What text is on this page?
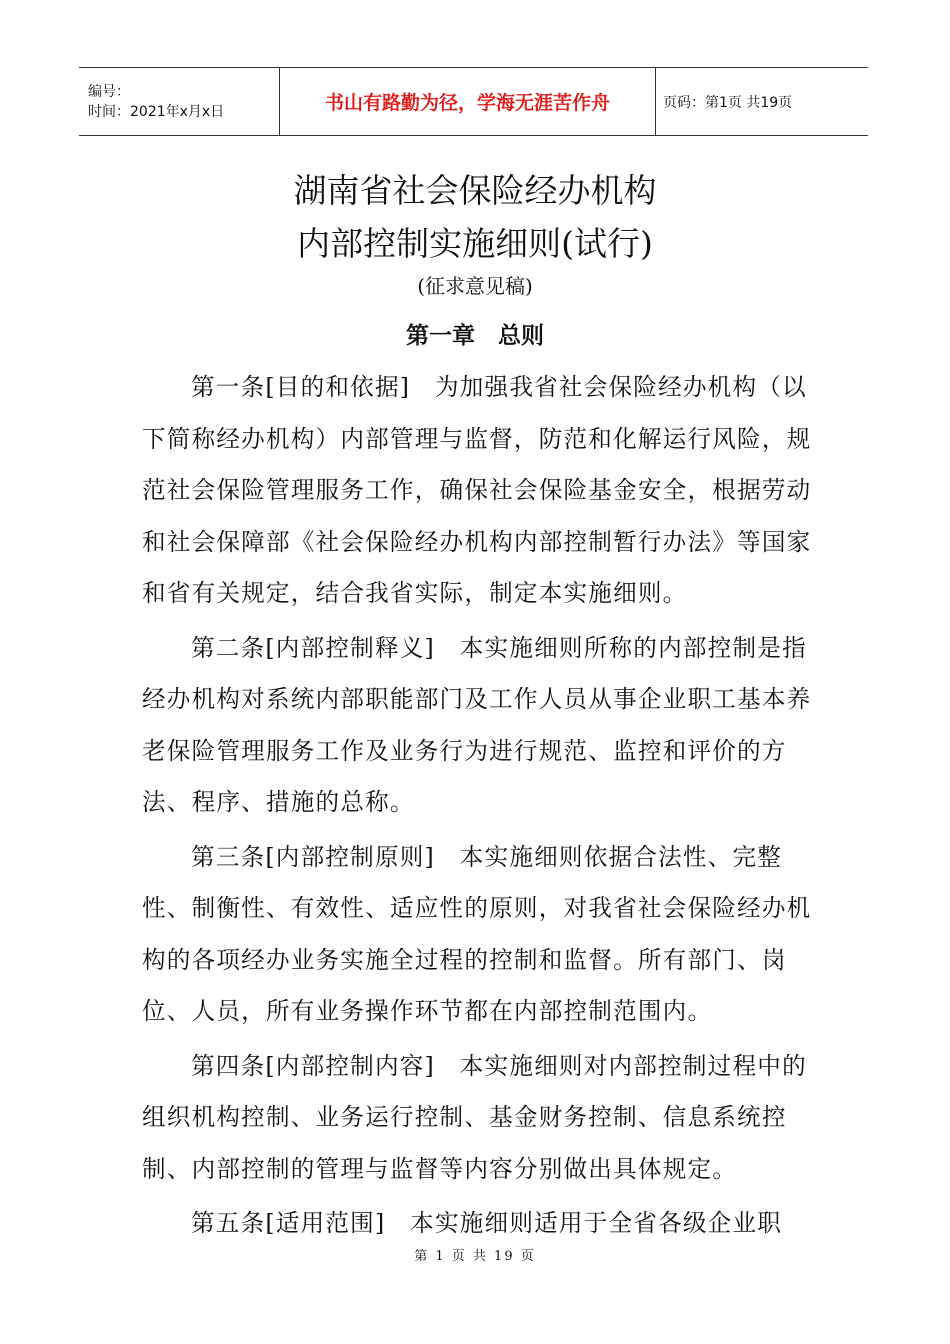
编号：
时间：2021年x月x日	书山有路勤为径，学海无涯苦作舟	页码：第1页 共19页
湖南省社会保险经办机构
内部控制实施细则(试行)
(征求意见稿)
第一章　总则

第一条[目的和依据]　为加强我省社会保险经办机构（以下简称经办机构）内部管理与监督，防范和化解运行风险，规范社会保险管理服务工作，确保社会保险基金安全，根据劳动和社会保障部《社会保险经办机构内部控制暂行办法》等国家和省有关规定，结合我省实际，制定本实施细则。

第二条[内部控制释义]　本实施细则所称的内部控制是指经办机构对系统内部职能部门及工作人员从事企业职工基本养老保险管理服务工作及业务行为进行规范、监控和评价的方法、程序、措施的总称。

第三条[内部控制原则]　本实施细则依据合法性、完整性、制衡性、有效性、适应性的原则，对我省社会保险经办机构的各项经办业务实施全过程的控制和监督。所有部门、岗位、人员，所有业务操作环节都在内部控制范围内。

第四条[内部控制内容]　本实施细则对内部控制过程中的组织机构控制、业务运行控制、基金财务控制、信息系统控制、内部控制的管理与监督等内容分别做出具体规定。

第五条[适用范围]　本实施细则适用于全省各级企业职

第 1 页 共 19 页
